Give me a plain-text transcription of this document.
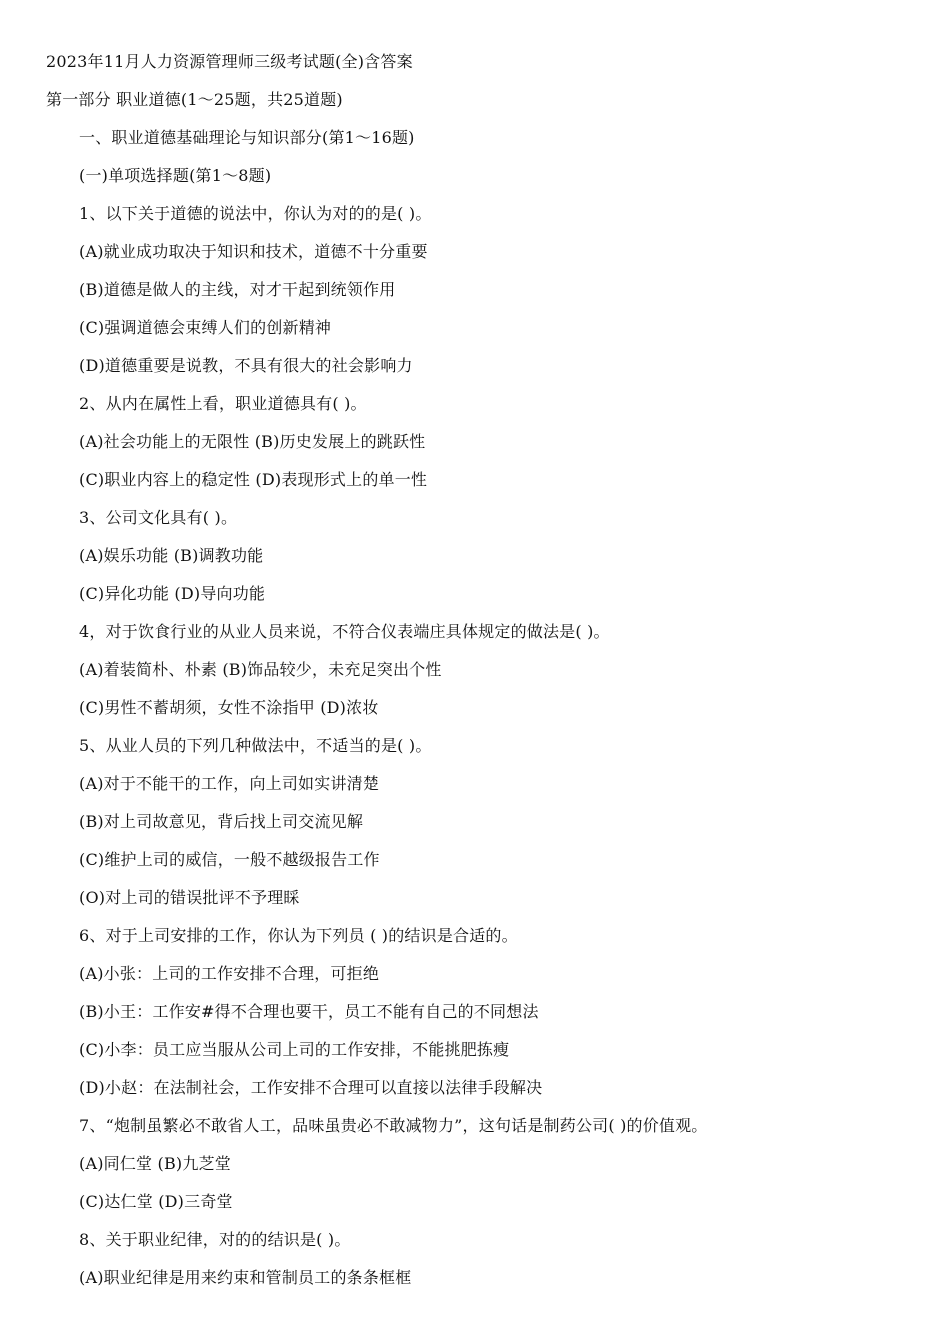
2023年11月人力资源管理师三级考试题(全)含答案
第一部分 职业道德(1～25题，共25道题)
一、职业道德基础理论与知识部分(第1～16题)
(一)单项选择题(第1～8题)
1、以下关于道德的说法中，你认为对的的是( )。
(A)就业成功取决于知识和技术，道德不十分重要
(B)道德是做人的主线，对才干起到统领作用
(C)强调道德会束缚人们的创新精神
(D)道德重要是说教，不具有很大的社会影响力
2、从内在属性上看，职业道德具有( )。
(A)社会功能上的无限性 (B)历史发展上的跳跃性
(C)职业内容上的稳定性 (D)表现形式上的单一性
3、公司文化具有( )。
(A)娱乐功能 (B)调教功能
(C)异化功能 (D)导向功能
4，对于饮食行业的从业人员来说，不符合仪表端庄具体规定的做法是( )。
(A)着装简朴、朴素 (B)饰品较少，未充足突出个性
(C)男性不蓄胡须，女性不涂指甲 (D)浓妆
5、从业人员的下列几种做法中，不适当的是( )。
(A)对于不能干的工作，向上司如实讲清楚
(B)对上司故意见，背后找上司交流见解
(C)维护上司的威信，一般不越级报告工作
(O)对上司的错误批评不予理睬
6、对于上司安排的工作，你认为下列员 ( )的结识是合适的。
(A)小张：上司的工作安排不合理，可拒绝
(B)小王：工作安#得不合理也要干，员工不能有自己的不同想法
(C)小李：员工应当服从公司上司的工作安排，不能挑肥拣瘦
(D)小赵：在法制社会，工作安排不合理可以直接以法律手段解决
7、“炮制虽繁必不敢省人工，品味虽贵必不敢减物力”，这句话是制药公司( )的价值观。
(A)同仁堂 (B)九芝堂
(C)达仁堂 (D)三奇堂
8、关于职业纪律，对的的结识是( )。
(A)职业纪律是用来约束和管制员工的条条框框
